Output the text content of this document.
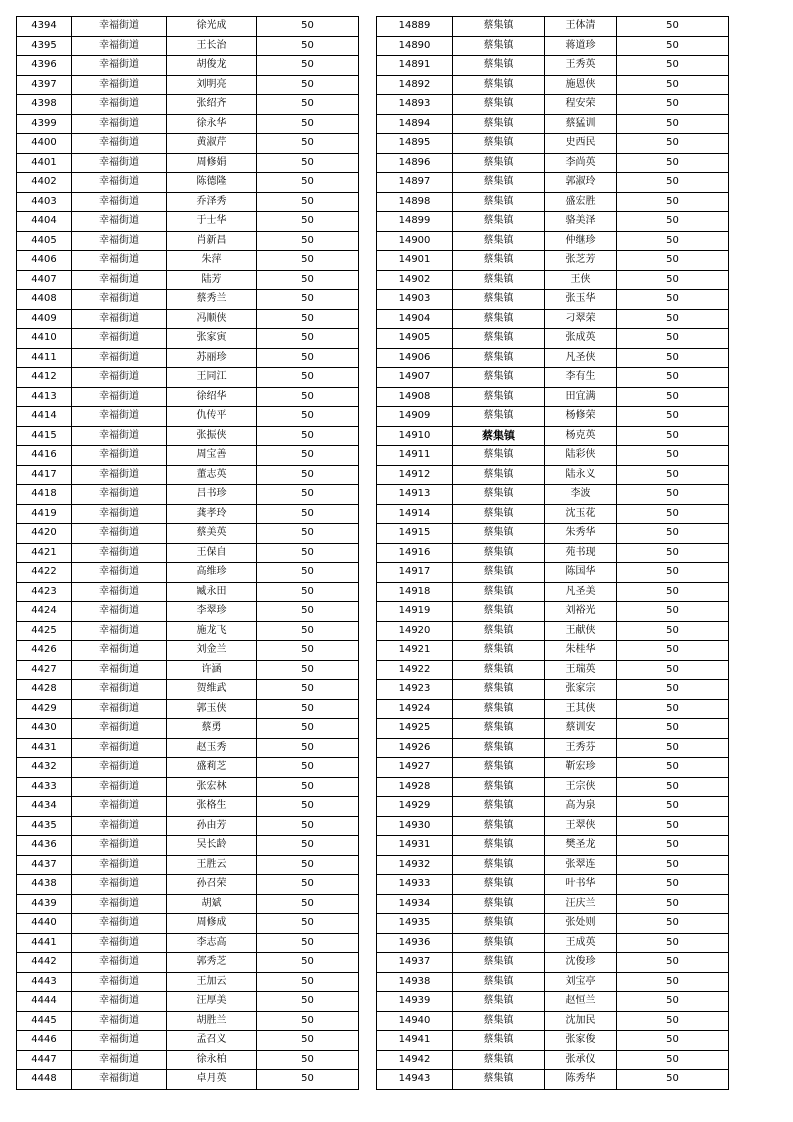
4394	幸福街道	徐光成	50
4395	幸福街道	王长治	50
4396	幸福街道	胡俊龙	50
4397	幸福街道	刘明亮	50
4398	幸福街道	张绍齐	50
4399	幸福街道	徐永华	50
4400	幸福街道	黄淑芹	50
4401	幸福街道	周修娟	50
4402	幸福街道	陈德隆	50
4403	幸福街道	乔泽秀	50
4404	幸福街道	于士华	50
4405	幸福街道	肖新昌	50
4406	幸福街道	朱萍	50
4407	幸福街道	陆芳	50
4408	幸福街道	蔡秀兰	50
4409	幸福街道	冯顺侠	50
4410	幸福街道	张家寅	50
4411	幸福街道	苏丽珍	50
4412	幸福街道	王同江	50
4413	幸福街道	徐绍华	50
4414	幸福街道	仇传平	50
4415	幸福街道	张振侠	50
4416	幸福街道	周宝善	50
4417	幸福街道	董志英	50
4418	幸福街道	吕书珍	50
4419	幸福街道	龚孝玲	50
4420	幸福街道	蔡美英	50
4421	幸福街道	王保自	50
4422	幸福街道	高维珍	50
4423	幸福街道	臧永田	50
4424	幸福街道	李翠珍	50
4425	幸福街道	施龙飞	50
4426	幸福街道	刘金兰	50
4427	幸福街道	许涵	50
4428	幸福街道	贺维武	50
4429	幸福街道	郭玉侠	50
4430	幸福街道	蔡勇	50
4431	幸福街道	赵玉秀	50
4432	幸福街道	盛莉芝	50
4433	幸福街道	张宏林	50
4434	幸福街道	张格生	50
4435	幸福街道	孙由芳	50
4436	幸福街道	吴长龄	50
4437	幸福街道	王胜云	50
4438	幸福街道	孙召荣	50
4439	幸福街道	胡斌	50
4440	幸福街道	周修成	50
4441	幸福街道	李志高	50
4442	幸福街道	郭秀芝	50
4443	幸福街道	王加云	50
4444	幸福街道	汪厚美	50
4445	幸福街道	胡胜兰	50
4446	幸福街道	孟召义	50
4447	幸福街道	徐永柏	50
4448	幸福街道	卓月英	50
14889	蔡集镇	王体清	50
14890	蔡集镇	蒋道珍	50
14891	蔡集镇	王秀英	50
14892	蔡集镇	施恩侠	50
14893	蔡集镇	程安荣	50
14894	蔡集镇	蔡猛训	50
14895	蔡集镇	史西民	50
14896	蔡集镇	李尚英	50
14897	蔡集镇	郭淑玲	50
14898	蔡集镇	盛宏胜	50
14899	蔡集镇	骆美泽	50
14900	蔡集镇	仲继珍	50
14901	蔡集镇	张芝芳	50
14902	蔡集镇	王侠	50
14903	蔡集镇	张玉华	50
14904	蔡集镇	刁翠荣	50
14905	蔡集镇	张成英	50
14906	蔡集镇	凡圣侠	50
14907	蔡集镇	李有生	50
14908	蔡集镇	田宜满	50
14909	蔡集镇	杨修荣	50
14910	蔡集镇	杨克英	50
14911	蔡集镇	陆彩侠	50
14912	蔡集镇	陆永义	50
14913	蔡集镇	李波	50
14914	蔡集镇	沈玉花	50
14915	蔡集镇	朱秀华	50
14916	蔡集镇	苑书现	50
14917	蔡集镇	陈国华	50
14918	蔡集镇	凡圣美	50
14919	蔡集镇	刘裕光	50
14920	蔡集镇	王献侠	50
14921	蔡集镇	朱桂华	50
14922	蔡集镇	王瑞英	50
14923	蔡集镇	张家宗	50
14924	蔡集镇	王其侠	50
14925	蔡集镇	蔡训安	50
14926	蔡集镇	王秀芬	50
14927	蔡集镇	靳宏珍	50
14928	蔡集镇	王宗侠	50
14929	蔡集镇	高为泉	50
14930	蔡集镇	王翠侠	50
14931	蔡集镇	樊圣龙	50
14932	蔡集镇	张翠连	50
14933	蔡集镇	叶书华	50
14934	蔡集镇	汪庆兰	50
14935	蔡集镇	张处则	50
14936	蔡集镇	王成英	50
14937	蔡集镇	沈俊珍	50
14938	蔡集镇	刘宝亭	50
14939	蔡集镇	赵恒兰	50
14940	蔡集镇	沈加民	50
14941	蔡集镇	张家俊	50
14942	蔡集镇	张承仪	50
14943	蔡集镇	陈秀华	50
